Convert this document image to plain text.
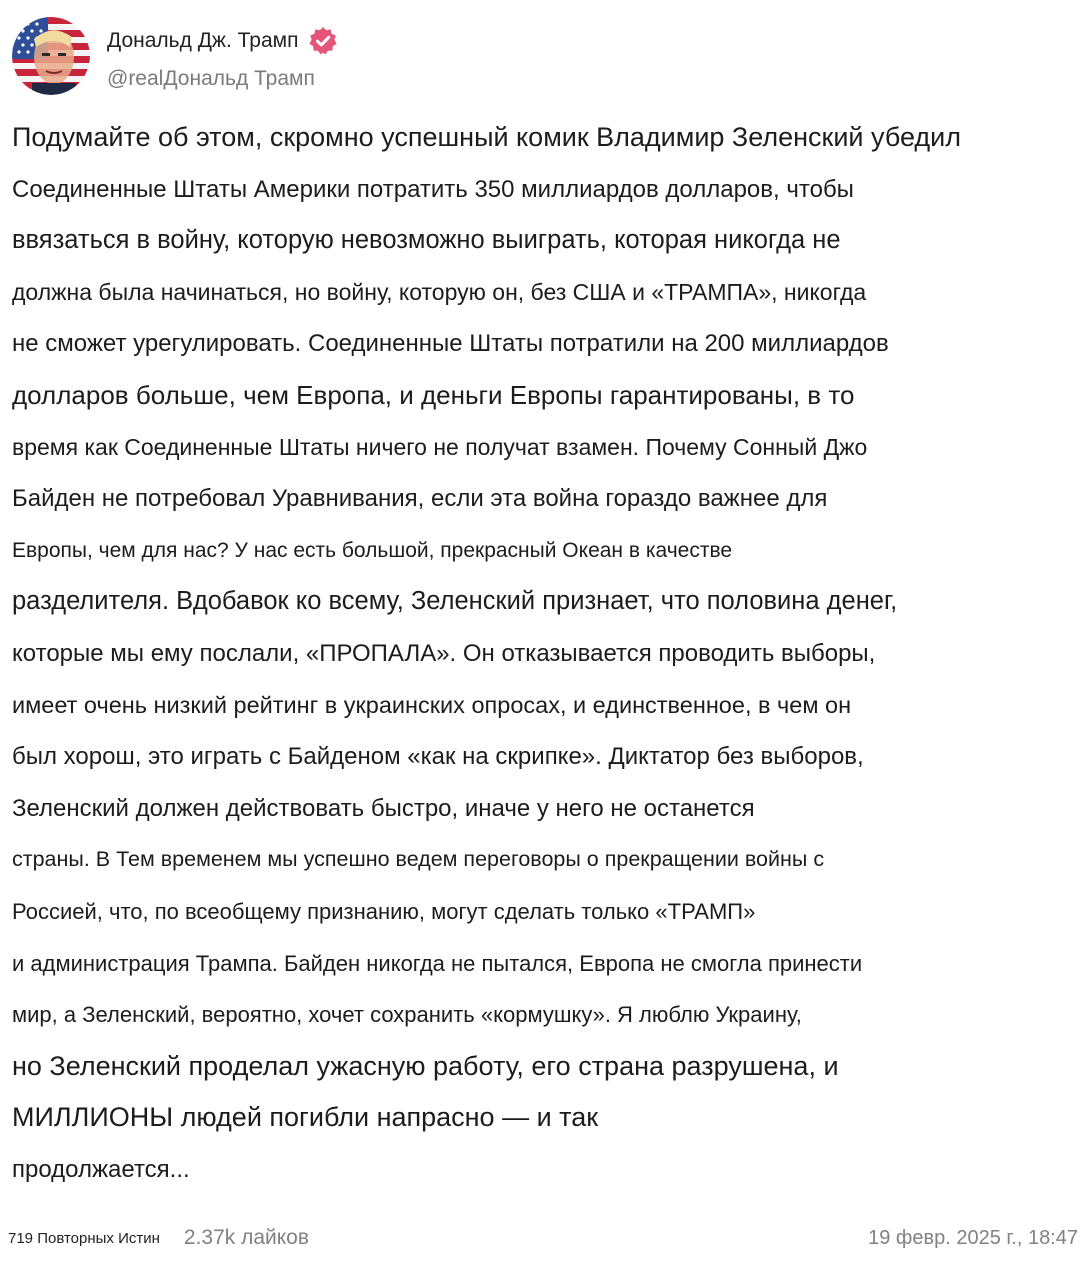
Дональд Дж. Трамп
@realДональд Трамп
Подумайте об этом, скромно успешный комик Владимир Зеленский убедил
Соединенные Штаты Америки потратить 350 миллиардов долларов, чтобы
ввязаться в войну, которую невозможно выиграть, которая никогда не
должна была начинаться, но войну, которую он, без США и «ТРАМПА», никогда
не сможет урегулировать. Соединенные Штаты потратили на 200 миллиардов
долларов больше, чем Европа, и деньги Европы гарантированы, в то
время как Соединенные Штаты ничего не получат взамен. Почему Сонный Джо
Байден не потребовал Уравнивания, если эта война гораздо важнее для
Европы, чем для нас? У нас есть большой, прекрасный Океан в качестве
разделителя. Вдобавок ко всему, Зеленский признает, что половина денег,
которые мы ему послали, «ПРОПАЛА». Он отказывается проводить выборы,
имеет очень низкий рейтинг в украинских опросах, и единственное, в чем он
был хорош, это играть с Байденом «как на скрипке». Диктатор без выборов,
Зеленский должен действовать быстро, иначе у него не останется
страны. В Тем временем мы успешно ведем переговоры о прекращении войны с
Россией, что, по всеобщему признанию, могут сделать только «ТРАМП»
и администрация Трампа. Байден никогда не пытался, Европа не смогла принести
мир, а Зеленский, вероятно, хочет сохранить «кормушку». Я люблю Украину,
но Зеленский проделал ужасную работу, его страна разрушена, и
МИЛЛИОНЫ людей погибли напрасно — и так
продолжается...
719 Повторных Истин 2.37k лайков	19 февр. 2025 г., 18:47
